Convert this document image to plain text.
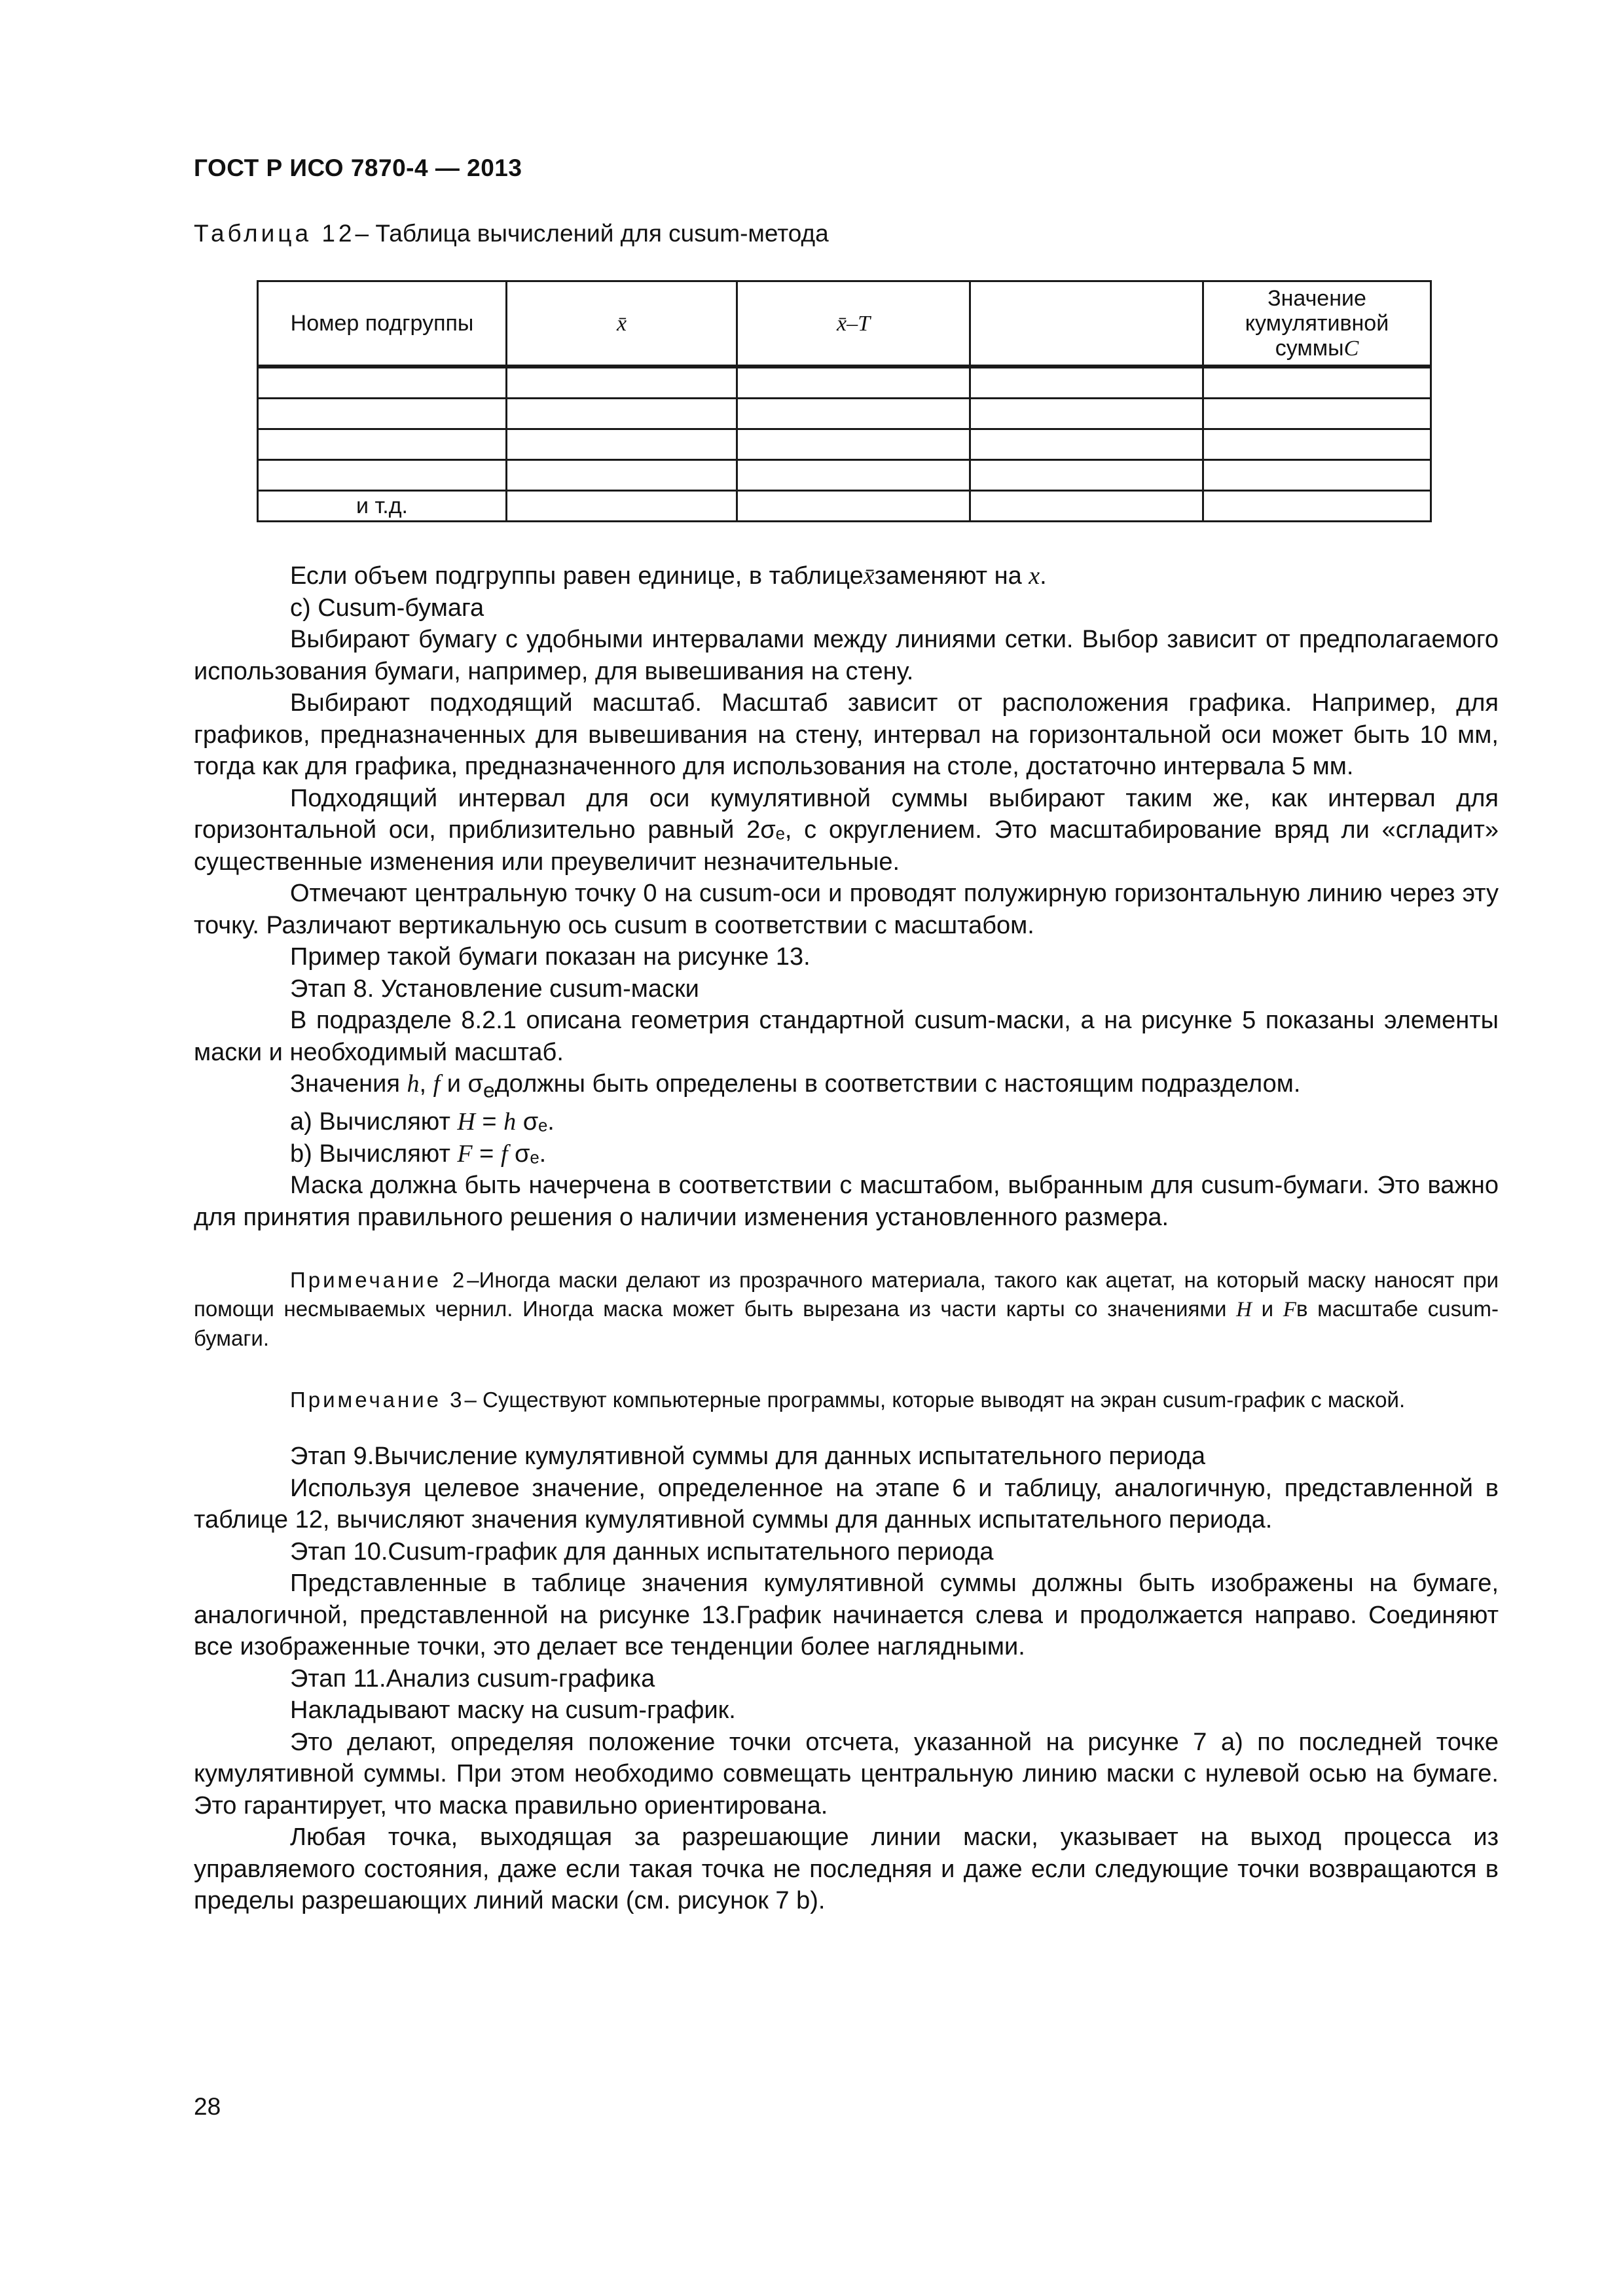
ГОСТ Р ИСО 7870-4 — 2013
Таблица 12– Таблица вычислений для cusum-метода
Номер подгруппы	x̄	x̄–T		Значение
кумулятивной
суммыC

и т.д.				

Если объем подгруппы равен единице, в таблицеx̄заменяют на x.

c) Cusum-бумага

Выбирают бумагу с удобными интервалами между линиями сетки. Выбор зависит от предполагаемого использования бумаги, например, для вывешивания на стену.

Выбирают подходящий масштаб. Масштаб зависит от расположения графика. Например, для графиков, предназначенных для вывешивания на стену, интервал на горизонтальной оси может быть 10 мм, тогда как для графика, предназначенного для использования на столе, достаточно интервала 5 мм.

Подходящий интервал для оси кумулятивной суммы выбирают таким же, как интервал для горизонтальной оси, приблизительно равный 2σₑ, с округлением. Это масштабирование вряд ли «сгладит» существенные изменения или преувеличит незначительные.

Отмечают центральную точку 0 на cusum-оси и проводят полужирную горизонтальную линию через эту точку. Различают вертикальную ось cusum в соответствии с масштабом.

Пример такой бумаги показан на рисунке 13.

Этап 8. Установление cusum-маски

В подразделе 8.2.1 описана геометрия стандартной cusum-маски, а на рисунке 5 показаны элементы маски и необходимый масштаб.

Значения h, f и $\sigma_eдолжны$ быть определены в соответствии с настоящим подразделом.

a) Вычисляют H = h σₑ.

b) Вычисляют F = f σₑ.

Маска должна быть начерчена в соответствии с масштабом, выбранным для cusum-бумаги. Это важно для принятия правильного решения о наличии изменения установленного размера.

Примечание 2–Иногда маски делают из прозрачного материала, такого как ацетат, на который маску наносят при помощи несмываемых чернил. Иногда маска может быть вырезана из части карты со значениями H и Fв масштабе cusum-бумаги.

Примечание 3– Существуют компьютерные программы, которые выводят на экран cusum-график с маской.

Этап 9.Вычисление кумулятивной суммы для данных испытательного периода

Используя целевое значение, определенное на этапе 6 и таблицу, аналогичную, представленной в таблице 12, вычисляют значения кумулятивной суммы для данных испытательного периода.

Этап 10.Cusum-график для данных испытательного периода

Представленные в таблице значения кумулятивной суммы должны быть изображены на бумаге, аналогичной, представленной на рисунке 13.График начинается слева и продолжается направо. Соединяют все изображенные точки, это делает все тенденции более наглядными.

Этап 11.Анализ cusum-графика

Накладывают маску на cusum-график.

Это делают, определяя положение точки отсчета, указанной на рисунке 7 а) по последней точке кумулятивной суммы. При этом необходимо совмещать центральную линию маски с нулевой осью на бумаге. Это гарантирует, что маска правильно ориентирована.

Любая точка, выходящая за разрешающие линии маски, указывает на выход процесса из управляемого состояния, даже если такая точка не последняя и даже если следующие точки возвращаются в пределы разрешающих линий маски (см. рисунок 7 b).

28
